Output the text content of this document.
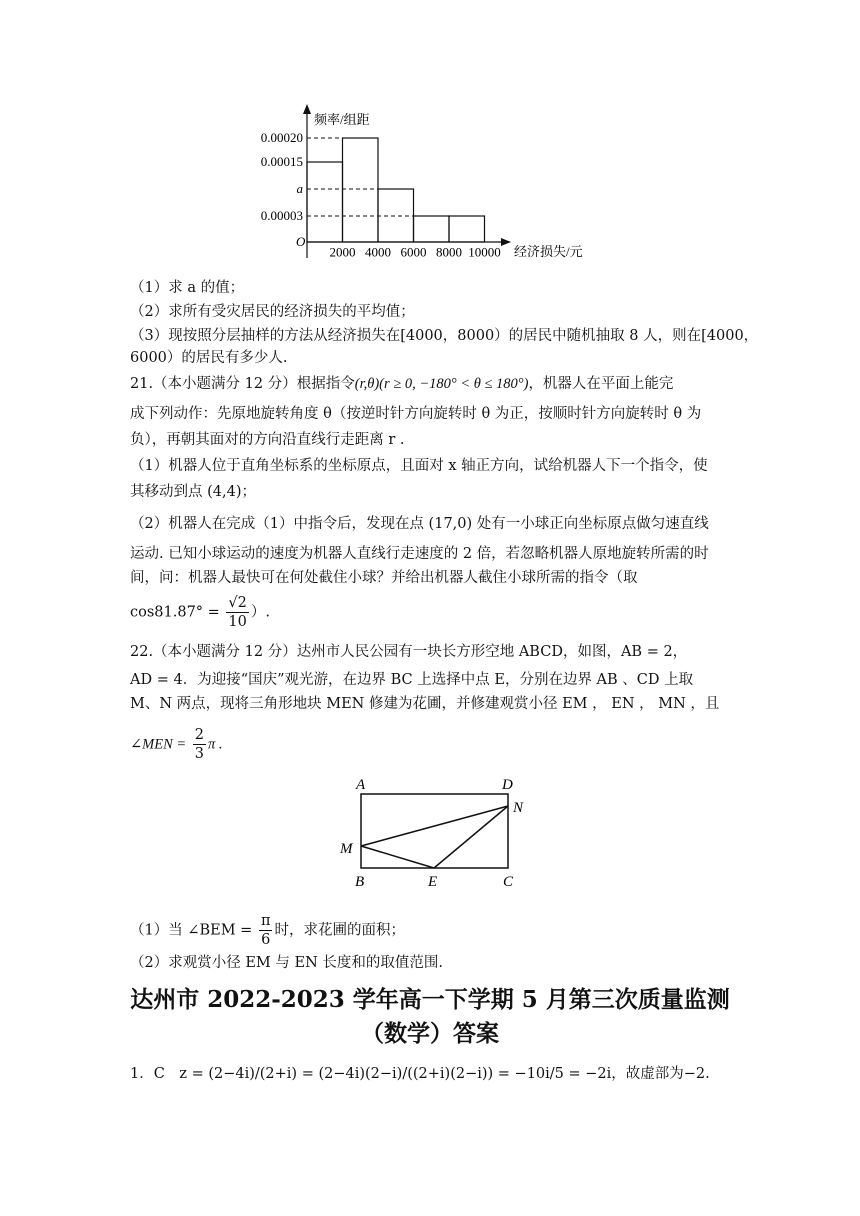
频率/组距
经济损失/元
O
0.00020
0.00015
a
0.00003
2000 4000 6000 8000 10000
（1）求 a 的值；
（2）求所有受灾居民的经济损失的平均值；
（3）现按照分层抽样的方法从经济损失在[4000，8000）的居民中随机抽取 8 人，则在[4000，
6000）的居民有多少人.
21.（本小题满分 12 分）根据指令(r,θ)(r ≥ 0, −180° < θ ≤ 180°)，机器人在平面上能完
成下列动作：先原地旋转角度 θ（按逆时针方向旋转时 θ 为正，按顺时针方向旋转时 θ 为
负），再朝其面对的方向沿直线行走距离 r .
（1）机器人位于直角坐标系的坐标原点，且面对 x 轴正方向，试给机器人下一个指令，使
其移动到点 (4,4)；
（2）机器人在完成（1）中指令后，发现在点 (17,0) 处有一小球正向坐标原点做匀速直线
运动. 已知小球运动的速度为机器人直线行走速度的 2 倍，若忽略机器人原地旋转所需的时
间，问：机器人最快可在何处截住小球？并给出机器人截住小球所需的指令（取
$\cos 81.87^\circ = \frac{√2}{10}$ ）.
22.（本小题满分 12 分）达州市人民公园有一块长方形空地 ABCD，如图，AB = 2，
AD = 4．为迎接“国庆”观光游，在边界 BC 上选择中点 E，分别在边界 AB 、CD 上取
M、N 两点，现将三角形地块 MEN 修建为花圃，并修建观赏小径 EM ， EN ， MN ，且
∠MEN = $\frac{2}{3}$ π .
A	D
N
M
B	E	C
（1）当 ∠BEM = $\frac{\pi}{6}$ 时，求花圃的面积；
（2）求观赏小径 EM 与 EN 长度和的取值范围.
达州市 2022-2023 学年高一下学期 5 月第三次质量监测
（数学）答案
1．C　z = (2−4i)/(2+i) = (2−4i)(2−i)/((2+i)(2−i)) = −10i/5 = −2i，故虚部为−2.
